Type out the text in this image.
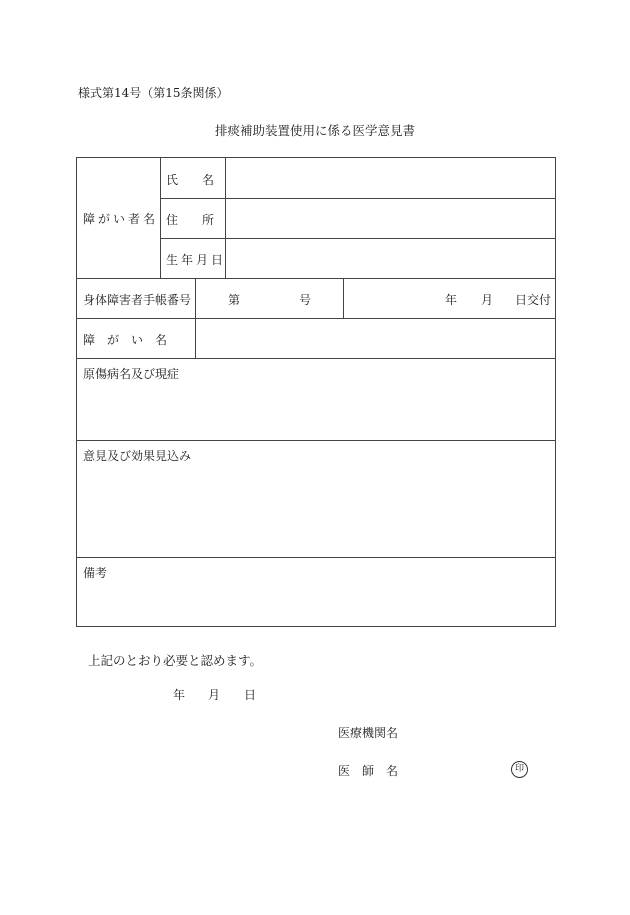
様式第14号（第15条関係）
排痰補助装置使用に係る医学意見書
障がい者名
氏　　名
住　　所
生年月日
身体障害者手帳番号	第	号	年 月 日交付
障　が　い　名
原傷病名及び現症
意見及び効果見込み
備考
上記のとおり必要と認めます。
年 月 日
医療機関名
医　師　名	印
